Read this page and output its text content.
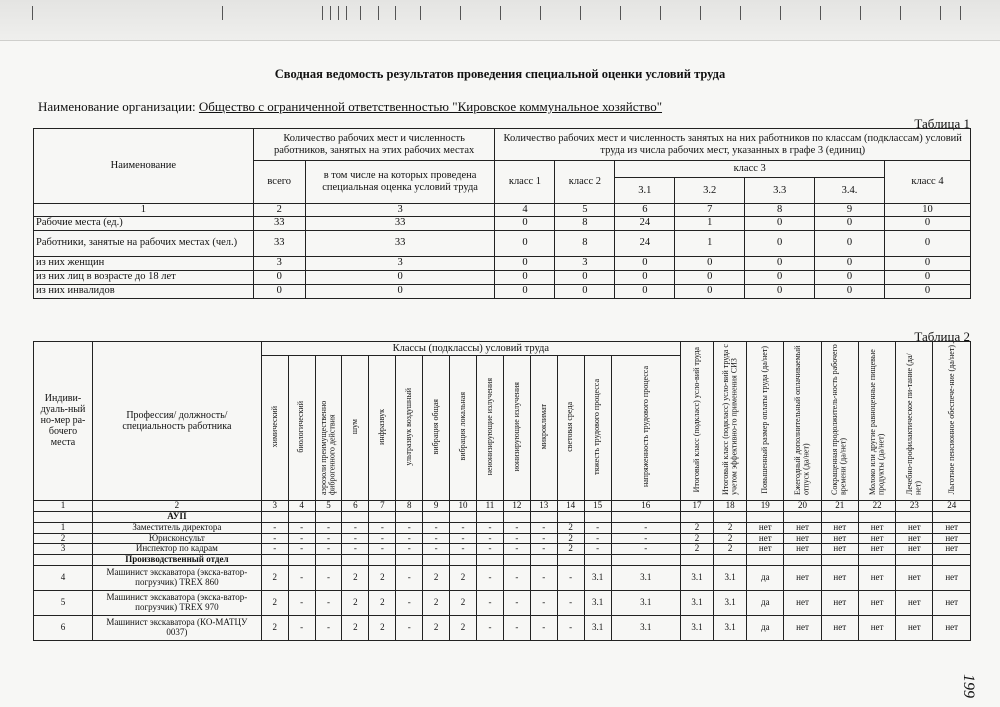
Сводная ведомость результатов проведения специальной оценки условий труда
Наименование организации: Общество с ограниченной ответственностью "Кировское коммунальное хозяйство"
Таблица 1
Наименование	Количество рабочих мест и численность работников, занятых на этих рабочих местах		Количество рабочих мест и численность занятых на них работников по классам (подклассам) условий труда из числа рабочих мест, указанных в графе 3 (единиц)						
	всего	в том числе на которых проведена специальная оценка условий труда	класс 1	класс 2	класс 3				класс 4
					3.1	3.2	3.3	3.4.	
1	2	3	4	5	6	7	8	9	10
Рабочие места (ед.)	33	33	0	8	24	1	0	0	0
Работники, занятые на рабочих местах (чел.)	33	33	0	8	24	1	0	0	0
из них женщин	3	3	0	3	0	0	0	0	0
из них лиц в возрасте до 18 лет	0	0	0	0	0	0	0	0	0
из них инвалидов	0	0	0	0	0	0	0	0	0
Таблица 2
Индиви-дуаль-ный но-мер ра-бочего места	Профессия/ должность/ специальность работника	Классы (подклассы) условий труда														Итоговый класс (подкласс) усло-вий труда	Итоговый класс (подкласс) усло-вий труда с учетом эффективно-го применения СИЗ	Повышенный размер оплаты труда (да/нет)	Ежегодный дополнительный оплачиваемый отпуск (да/нет)	Сокращенная продолжитель-ность рабочего времени (да/нет)	Молоко или другие равноценные пищевые продукты (да/нет)	Лечебно-профилактическое пи-тание (да/нет)	Льготное пенсионное обеспече-ние (да/нет)
		химический	биологический	аэрозоли преимущественно фиброгенного действия	шум	инфразвук	ультразвук воздушный	вибрация общая	вибрация локальная	неионизирующие излучения	ионизирующие излучения	микроклимат	световая среда	тяжесть трудового процесса	напряженность трудового процесса								
1	2	3	4	5	6	7	8	9	10	11	12	13	14	15	16	17	18	19	20	21	22	23	24
	АУП																						
1	Заместитель директора	-	-	-	-	-	-	-	-	-	-	-	2	-	-	2	2	нет	нет	нет	нет	нет	нет
2	Юрисконсульт	-	-	-	-	-	-	-	-	-	-	-	2	-	-	2	2	нет	нет	нет	нет	нет	нет
3	Инспектор по кадрам	-	-	-	-	-	-	-	-	-	-	-	2	-	-	2	2	нет	нет	нет	нет	нет	нет
	Производственный отдел																						
4	Машинист экскаватора (экска-ватор-погрузчик) TREX 860	2	-	-	2	2	-	2	2	-	-	-	-	3.1	3.1	3.1	3.1	да	нет	нет	нет	нет	нет
5	Машинист экскаватора (экска-ватор-погрузчик) TREX 970	2	-	-	2	2	-	2	2	-	-	-	-	3.1	3.1	3.1	3.1	да	нет	нет	нет	нет	нет
6	Машинист экскаватора (КО-МАТЦУ 0037)	2	-	-	2	2	-	2	2	-	-	-	-	3.1	3.1	3.1	3.1	да	нет	нет	нет	нет	нет
199
